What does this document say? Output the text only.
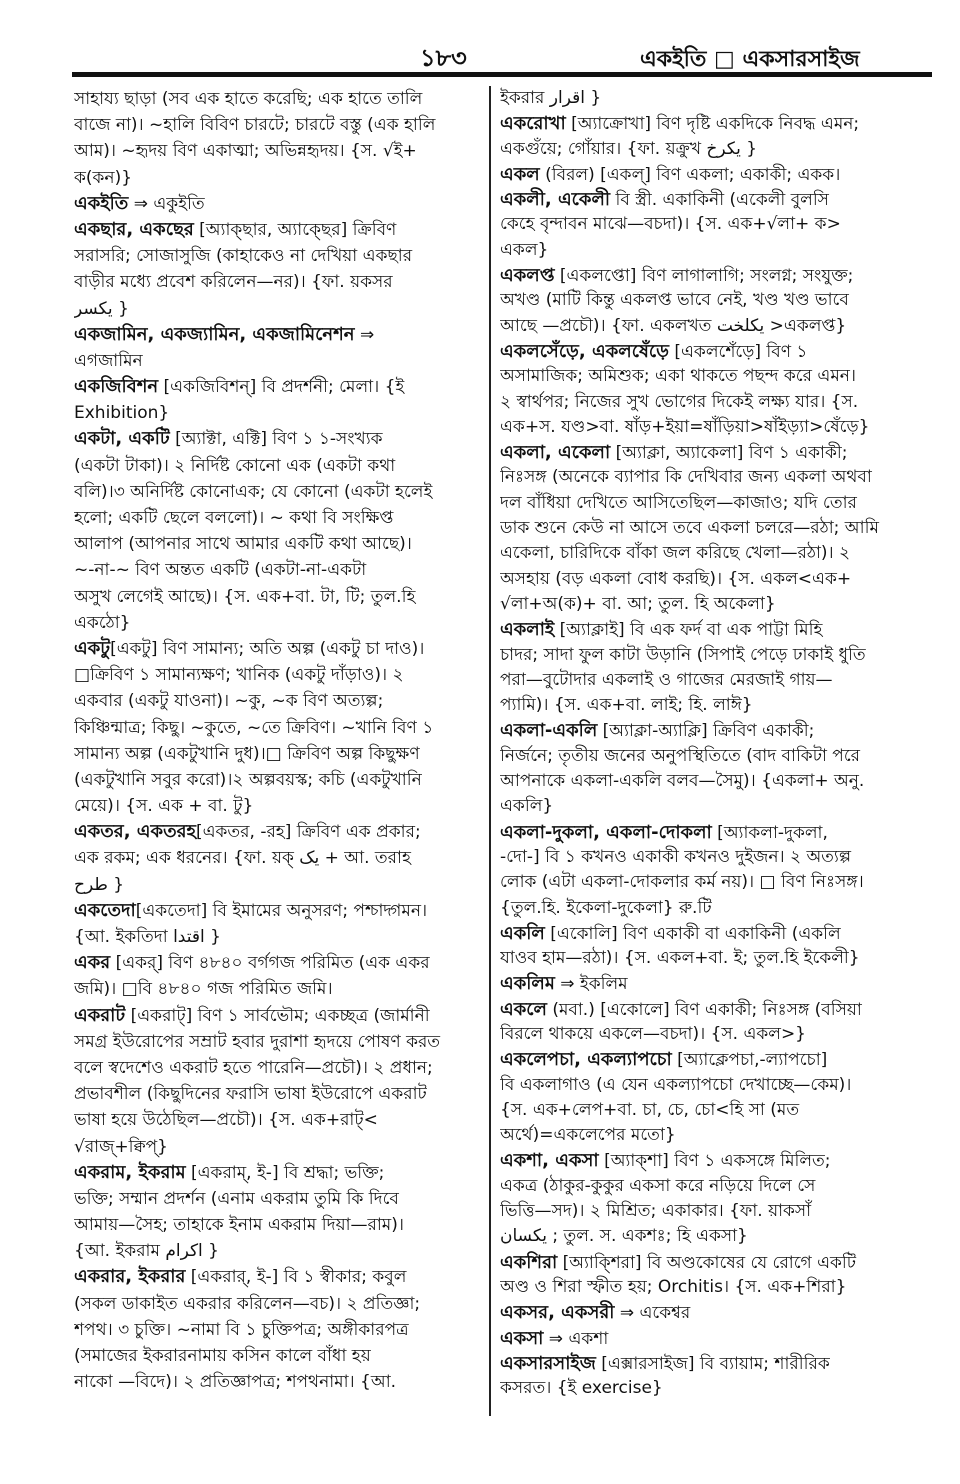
১৮৩	একইতি □ একসারসাইজ
সাহায্য ছাড়া (সব এক হাতে করেছি; এক হাতে তালি
বাজে না)। ~হালি বিবিণ চারটে; চারটে বস্তু (এক হালি
আম)। ~হৃদয় বিণ একাত্মা; অভিন্নহৃদয়। {স. √ই+
ক(কন)}
একইতি ⇒ একুইতি
একছার, একছের [অ্যাক্ছার, অ্যাক্ছের] ক্রিবিণ
সরাসরি; সোজাসুজি (কাহাকেও না দেখিয়া একছার
বাড়ীর মধ্যে প্রবেশ করিলেন—নর)। {ফা. য়কসর
یکسر }
একজামিন, একজ্যামিন, একজামিনেশন ⇒
এগজামিন
একজিবিশন [একজিবিশন্] বি প্রদর্শনী; মেলা। {ই
Exhibition}
একটা, একটি [অ্যাক্টা, এক্টি] বিণ ১ ১-সংখ্যক
(একটা টাকা)। ২ নির্দিষ্ট কোনো এক (একটা কথা
বলি)।৩ অনির্দিষ্ট কোনোএক; যে কোনো (একটা হলেই
হলো; একটি ছেলে বললো)। ~ কথা বি সংক্ষিপ্ত
আলাপ (আপনার সাথে আমার একটি কথা আছে)।
~-না-~ বিণ অন্তত একটি (একটা-না-একটা
অসুখ লেগেই আছে)। {স. এক+বা. টা, টি; তুল.হি
একঠো}
একটু[একটু] বিণ সামান্য; অতি অল্প (একটু চা দাও)।
□ক্রিবিণ ১ সামান্যক্ষণ; খানিক (একটু দাঁড়াও)। ২
একবার (একটু যাওনা)। ~কু, ~ক বিণ অত্যল্প;
কিঞ্চিন্মাত্র; কিছু। ~কুতে, ~তে ক্রিবিণ। ~খানি বিণ ১
সামান্য অল্প (একটুখানি দুধ)।□ ক্রিবিণ অল্প কিছুক্ষণ
(একটুখানি সবুর করো)।২ অল্পবয়স্ক; কচি (একটুখানি
মেয়ে)। {স. এক + বা. টু}
একতর, একতরহ[একতর, -রহ] ক্রিবিণ এক প্রকার;
এক রকম; এক ধরনের। {ফা. য়ক্ يک + আ. তরাহ
طرح }
একতেদা[একতেদা] বি ইমামের অনুসরণ; পশ্চাদ্গমন।
{আ. ইকতিদা اقتدا }
একর [একর্] বিণ ৪৮৪০ বর্গগজ পরিমিত (এক একর
জমি)। □বি ৪৮৪০ গজ পরিমিত জমি।
একরাট [একরাট্] বিণ ১ সার্বভৌম; একচ্ছত্র (জার্মানী
সমগ্র ইউরোপের সম্রাট হবার দুরাশা হৃদয়ে পোষণ করত
বলে স্বদেশেও একরাট হতে পারেনি—প্রচৌ)। ২ প্রধান;
প্রভাবশীল (কিছুদিনের ফরাসি ভাষা ইউরোপে একরাট
ভাষা হয়ে উঠেছিল—প্রচৌ)। {স. এক+রাট্<
√রাজ্+ক্বিপ্}
একরাম, ইকরাম [একরাম্, ই-] বি শ্রদ্ধা; ভক্তি;
ভক্তি; সম্মান প্রদর্শন (এনাম একরাম তুমি কি দিবে
আমায়—সৈহ; তাহাকে ইনাম একরাম দিয়া—রাম)।
{আ. ইকরাম اكرام }
একরার, ইকরার [একরার্, ই-] বি ১ স্বীকার; কবুল
(সকল ডাকাইত একরার করিলেন—বচ)। ২ প্রতিজ্ঞা;
শপথ। ৩ চুক্তি। ~নামা বি ১ চুক্তিপত্র; অঙ্গীকারপত্র
(সমাজের ইকরারনামায় কসিন কালে বাঁধা হয়
নাকো —বিদে)। ২ প্রতিজ্ঞাপত্র; শপথনামা। {আ.
ইকরার اقرار }
একরোখা [অ্যাক্রোখা] বিণ দৃষ্টি একদিকে নিবদ্ধ এমন;
একগুঁয়ে; গোঁয়ার। {ফা. য়ক্রুখ يكرخ }
একল (বিরল) [একল্] বিণ একলা; একাকী; একক।
একলী, একেলী বি স্ত্রী. একাকিনী (একেলী বুলসি
কেহে বৃন্দাবন মাঝে—বচদা)। {স. এক+√লা+ ক>
একল}
একলপ্ত [একলপ্তো] বিণ লাগালাগি; সংলগ্ন; সংযুক্ত;
অখণ্ড (মাটি কিন্তু একলপ্ত ভাবে নেই, খণ্ড খণ্ড ভাবে
আছে —প্রচৌ)। {ফা. একলখত يكلخت >একলপ্ত}
একলসেঁড়ে, একলষেঁড়ে [একলশেঁড়ে] বিণ ১
অসামাজিক; অমিশুক; একা থাকতে পছন্দ করে এমন।
২ স্বার্থপর; নিজের সুখ ভোগের দিকেই লক্ষ্য যার। {স.
এক+স. যণ্ড>বা. ষাঁড়+ইয়া=ষাঁড়িয়া>ষাঁইড়্যা>ষেঁড়ে}
একলা, একেলা [অ্যাক্লা, অ্যাকেলা] বিণ ১ একাকী;
নিঃসঙ্গ (অনেকে ব্যাপার কি দেখিবার জন্য একলা অথবা
দল বাঁধিয়া দেখিতে আসিতেছিল—কাজাও; যদি তোর
ডাক শুনে কেউ না আসে তবে একলা চলরে—রঠা; আমি
একেলা, চারিদিকে বাঁকা জল করিছে খেলা—রঠা)। ২
অসহায় (বড় একলা বোধ করছি)। {স. একল<এক+
√লা+অ(ক)+ বা. আ; তুল. হি অকেলা}
একলাই [অ্যাক্লাই] বি এক ফর্দ বা এক পাট্টা মিহি
চাদর; সাদা ফুল কাটা উড়ানি (সিপাই পেড়ে ঢাকাই ধুতি
পরা—বুটোদার একলাই ও গাজের মেরজাই গায়—
প্যামি)। {স. এক+বা. লাই; হি. লাঈ}
একলা-একলি [অ্যাক্লা-অ্যাক্লি] ক্রিবিণ একাকী;
নির্জনে; তৃতীয় জনের অনুপস্থিতিতে (বাদ বাকিটা পরে
আপনাকে একলা-একলি বলব—সৈমু)। {একলা+ অনু.
একলি}
একলা-দুকলা, একলা-দোকলা [অ্যাকলা-দুকলা,
-দো-] বি ১ কখনও একাকী কখনও দুইজন। ২ অত্যল্প
লোক (এটা একলা-দোকলার কর্ম নয়)। □ বিণ নিঃসঙ্গ।
{তুল.হি. ইকেলা-দুকেলা} রু.টি
একলি [একোলি] বিণ একাকী বা একাকিনী (একলি
যাওব হাম—রঠা)। {স. একল+বা. ই; তুল.হি ইকেলী}
একলিম ⇒ ইকলিম
একলে (মবা.) [একোলে] বিণ একাকী; নিঃসঙ্গ (বসিয়া
বিরলে থাকয়ে একলে—বচদা)। {স. একল>}
একলেপচা, একল্যাপচো [অ্যাক্লেপচা,-ল্যাপচো]
বি একলাগাও (এ যেন একল্যাপচো দেখাচ্ছে—কেম)।
{স. এক+লেপ+বা. চা, চে, চো<হি সা (মত
অর্থে)=একলেপের মতো}
একশা, একসা [অ্যাক্শা] বিণ ১ একসঙ্গে মিলিত;
একত্র (ঠাকুর-কুকুর একসা করে নড়িয়ে দিলে সে
ভিত্তি—সদ)। ২ মিশ্রিত; একাকার। {ফা. য়াকসাঁ
يكسان ; তুল. স. একশঃ; হি একসা}
একশিরা [অ্যাক্শিরা] বি অণ্ডকোষের যে রোগে একটি
অণ্ড ও শিরা স্ফীত হয়; Orchitis। {স. এক+শিরা}
একসর, একসরী ⇒ একেশ্বর
একসা ⇒ একশা
একসারসাইজ [এক্সারসাইজ] বি ব্যায়াম; শারীরিক
কসরত। {ই exercise}
